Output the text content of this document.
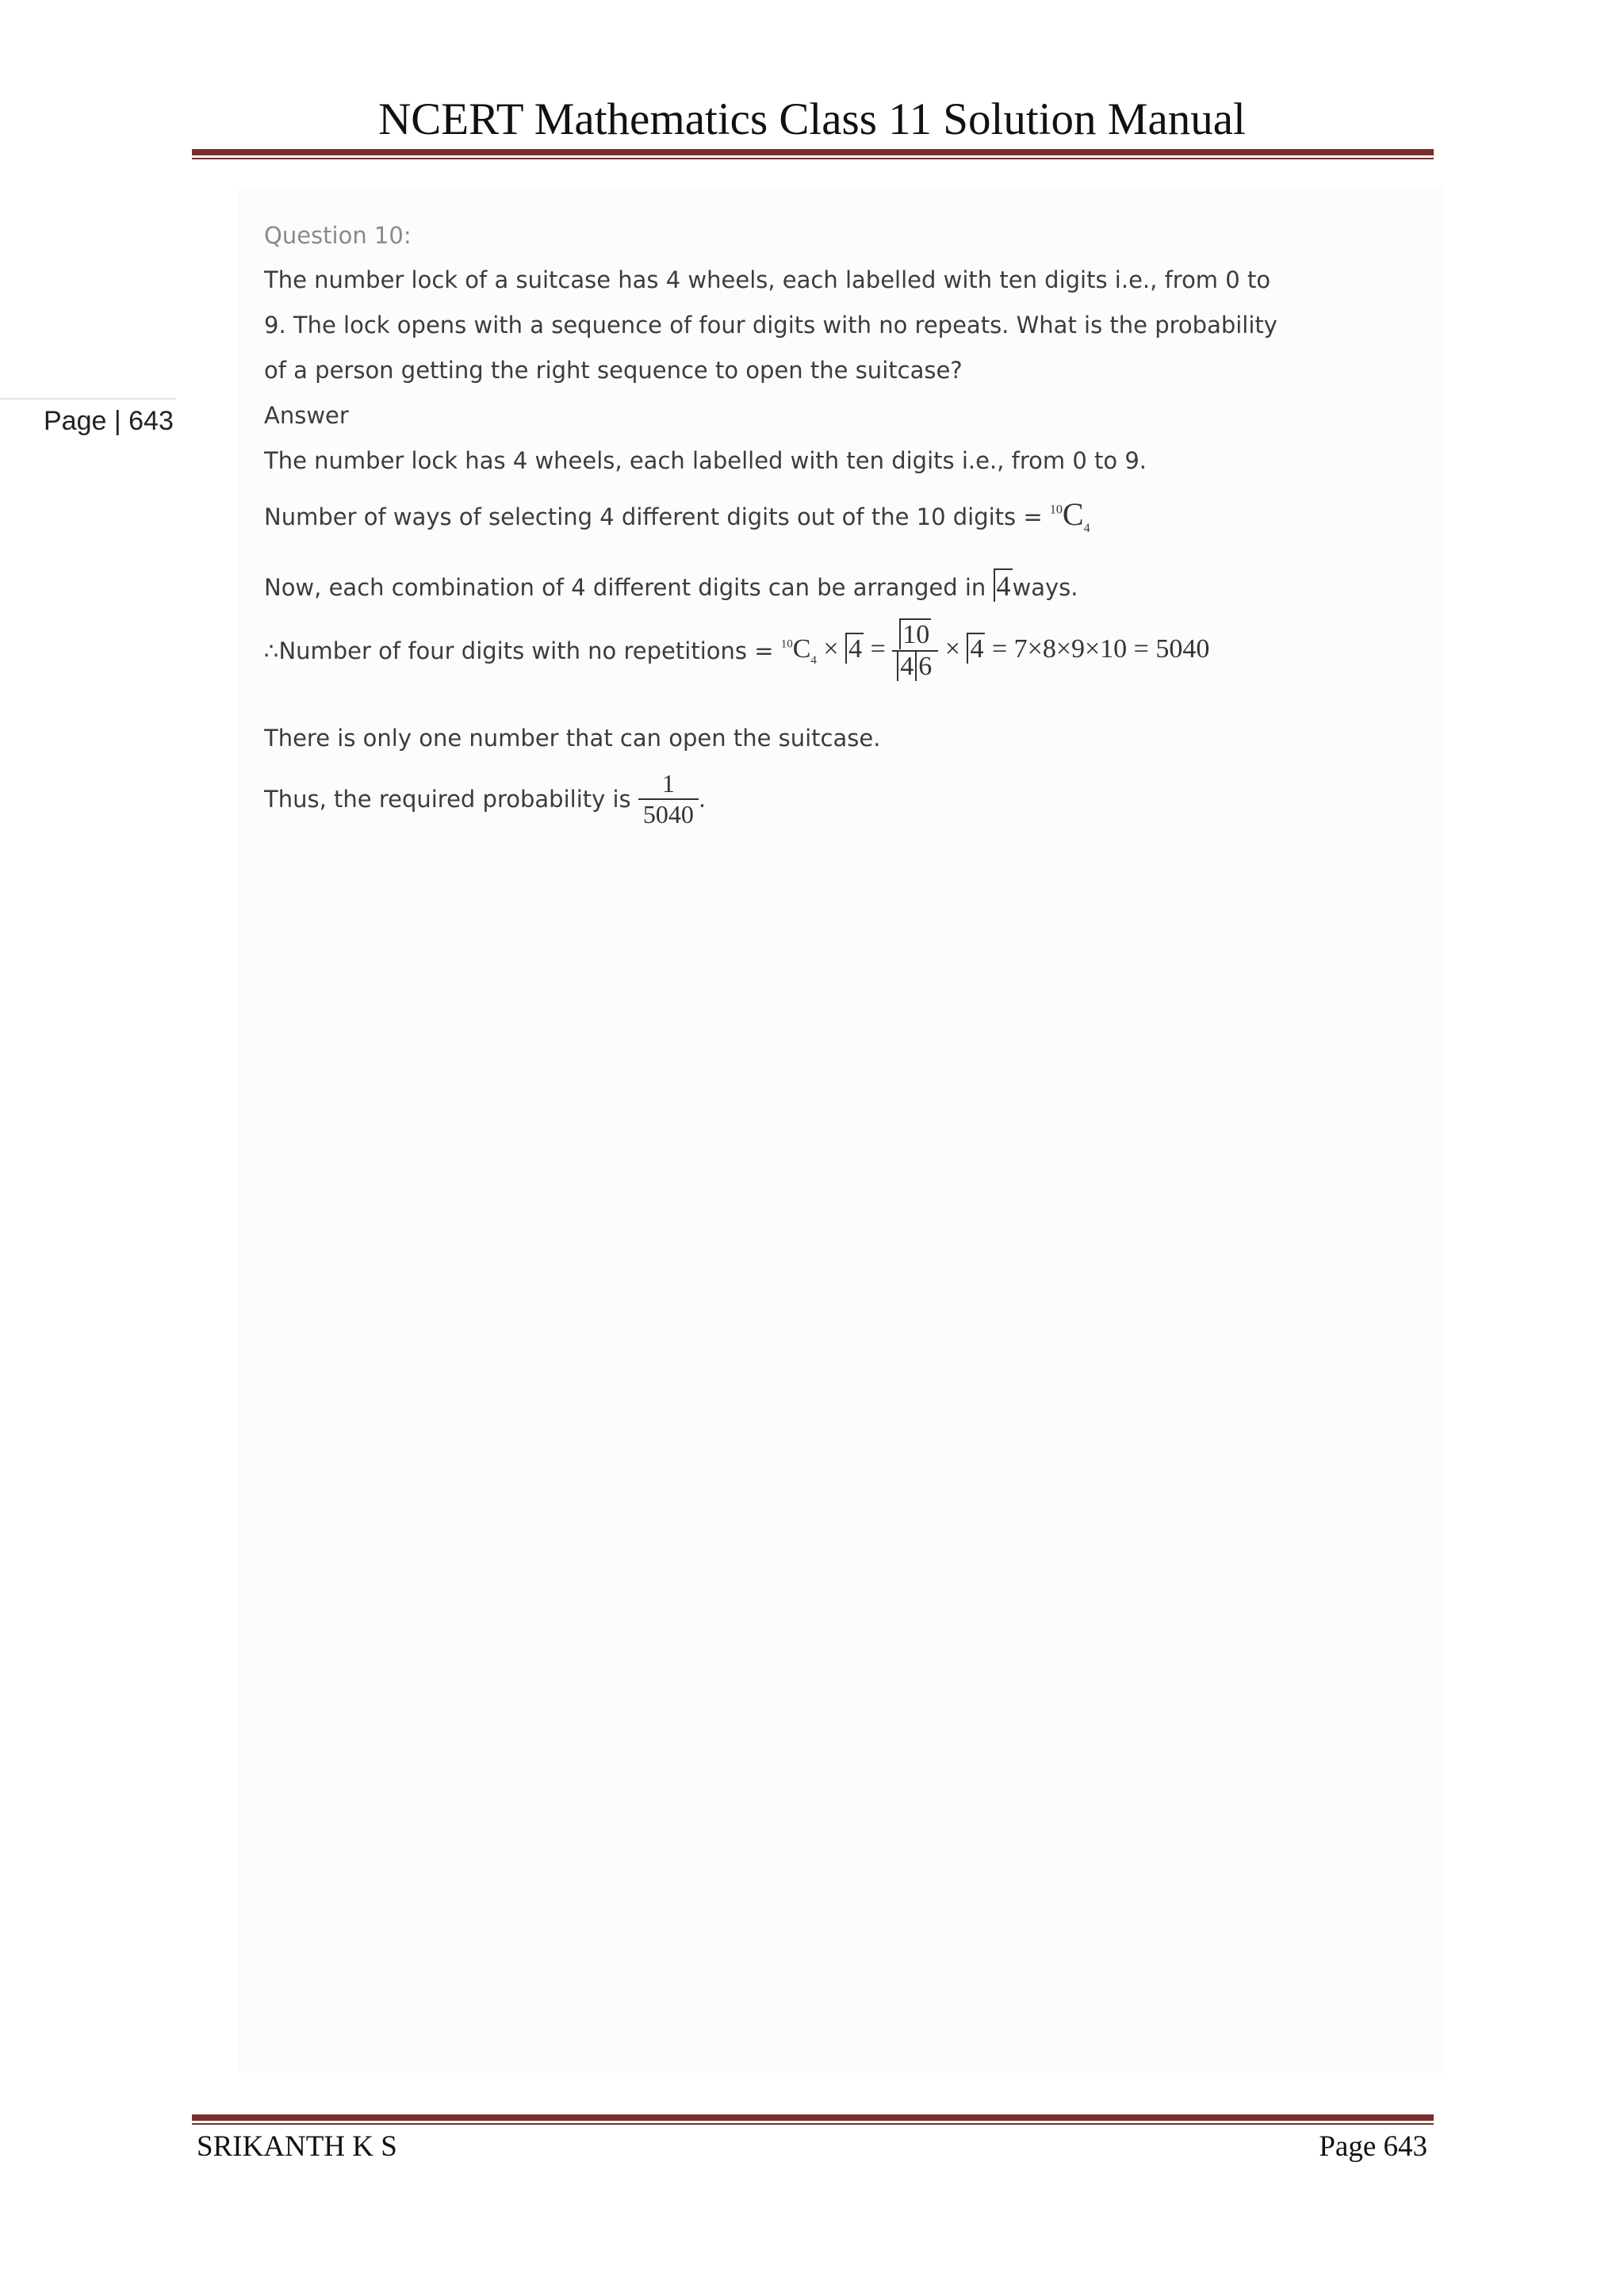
NCERT Mathematics Class 11 Solution Manual
Page | 643
Question 10:
The number lock of a suitcase has 4 wheels, each labelled with ten digits i.e., from 0 to
9. The lock opens with a sequence of four digits with no repeats. What is the probability
of a person getting the right sequence to open the suitcase?
Answer
The number lock has 4 wheels, each labelled with ten digits i.e., from 0 to 9.
Number of ways of selecting 4 different digits out of the 10 digits = $^{10}C_4$
Now, each combination of 4 different digits can be arranged in 4ways.
∴Number of four digits with no repetitions = $^{10}C_4 \times 4 = \frac{10}{4 6} \times 4 = 7\times 8\times 9\times 10 = 5040$
There is only one number that can open the suitcase.
Thus, the required probability is $\frac{1}{5040}$ .
SRIKANTH K S	Page 643
